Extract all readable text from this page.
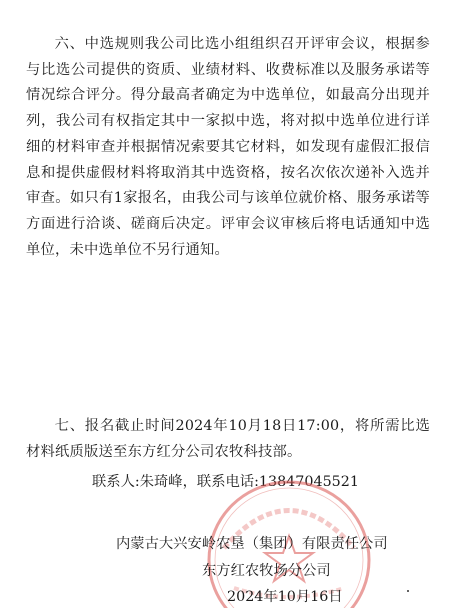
六、中选规则我公司比选小组组织召开评审会议，根据参与比选公司提供的资质、业绩材料、收费标准以及服务承诺等情况综合评分。得分最高者确定为中选单位，如最高分出现并列，我公司有权指定其中一家拟中选，将对拟中选单位进行详细的材料审查并根据情况索要其它材料，如发现有虚假汇报信息和提供虚假材料将取消其中选资格，按名次依次递补入选并审查。如只有1家报名，由我公司与该单位就价格、服务承诺等方面进行洽谈、磋商后决定。评审会议审核后将电话通知中选单位，未中选单位不另行通知。

七、报名截止时间2024年10月18日17:00，将所需比选材料纸质版送至东方红分公司农牧科技部。

联系人:朱琦峰，联系电话:13847045521
内蒙古大兴安岭农垦（集团）有限责任公司
东方红农牧场分公司
2024年10月16日
